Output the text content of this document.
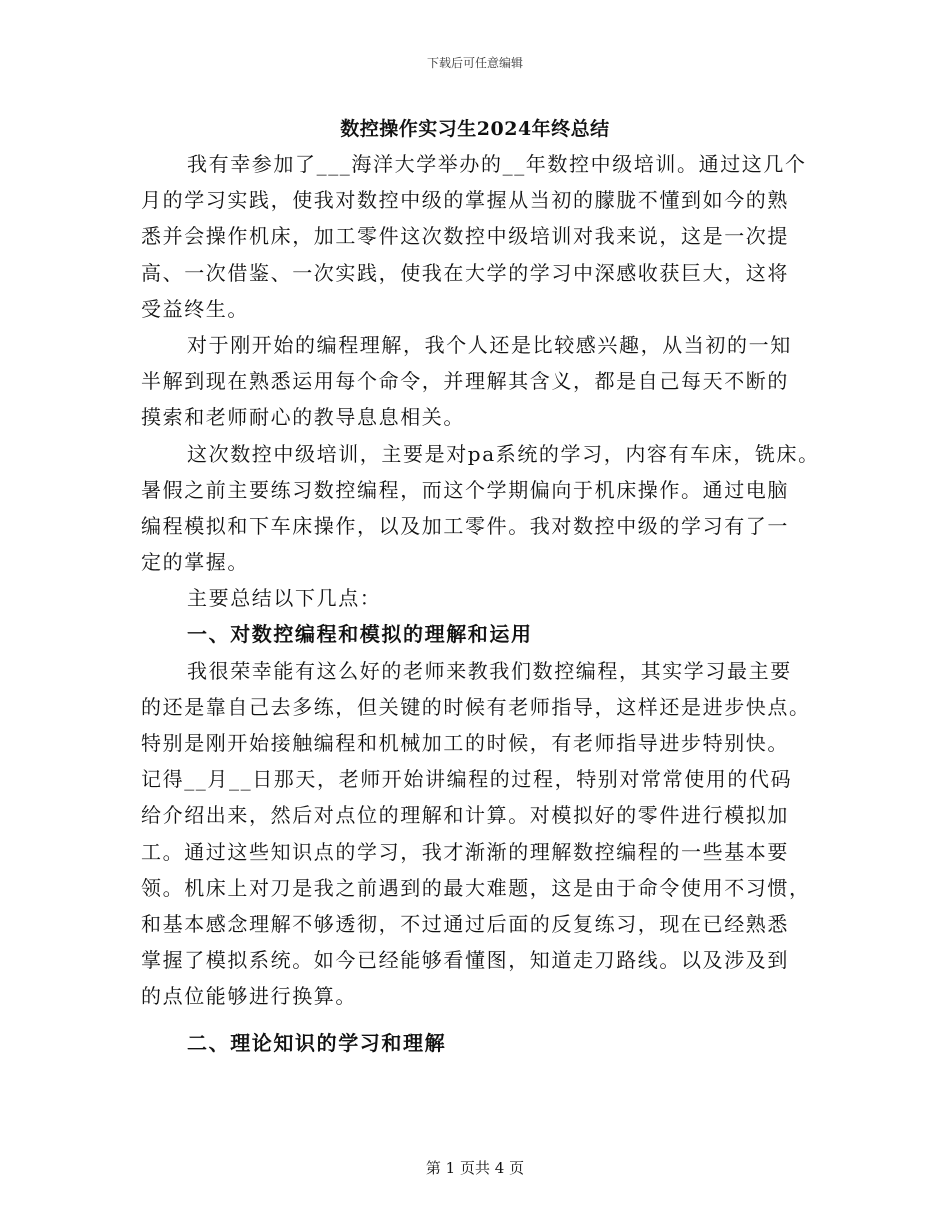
下载后可任意编辑
数控操作实习生2024年终总结
我有幸参加了___海洋大学举办的__年数控中级培训。通过这几个
月的学习实践，使我对数控中级的掌握从当初的朦胧不懂到如今的熟
悉并会操作机床，加工零件这次数控中级培训对我来说，这是一次提
高、一次借鉴、一次实践，使我在大学的学习中深感收获巨大，这将
受益终生。
对于刚开始的编程理解，我个人还是比较感兴趣，从当初的一知
半解到现在熟悉运用每个命令，并理解其含义，都是自己每天不断的
摸索和老师耐心的教导息息相关。
这次数控中级培训，主要是对pa系统的学习，内容有车床，铣床。
暑假之前主要练习数控编程，而这个学期偏向于机床操作。通过电脑
编程模拟和下车床操作，以及加工零件。我对数控中级的学习有了一
定的掌握。
主要总结以下几点：
一、对数控编程和模拟的理解和运用
我很荣幸能有这么好的老师来教我们数控编程，其实学习最主要
的还是靠自己去多练，但关键的时候有老师指导，这样还是进步快点。
特别是刚开始接触编程和机械加工的时候，有老师指导进步特别快。
记得__月__日那天，老师开始讲编程的过程，特别对常常使用的代码
给介绍出来，然后对点位的理解和计算。对模拟好的零件进行模拟加
工。通过这些知识点的学习，我才渐渐的理解数控编程的一些基本要
领。机床上对刀是我之前遇到的最大难题，这是由于命令使用不习惯，
和基本感念理解不够透彻，不过通过后面的反复练习，现在已经熟悉
掌握了模拟系统。如今已经能够看懂图，知道走刀路线。以及涉及到
的点位能够进行换算。
二、理论知识的学习和理解
第 1 页共 4 页
